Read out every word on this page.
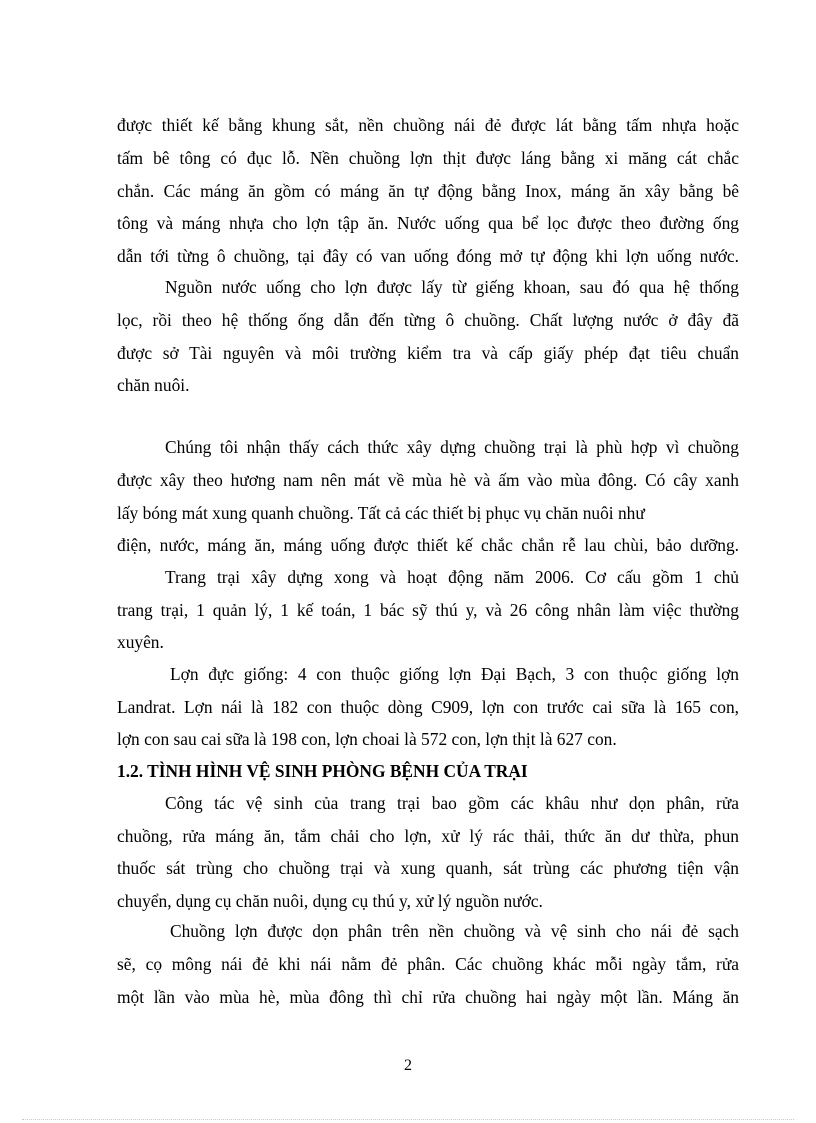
được thiết kế bằng khung sắt, nền chuồng nái đẻ được lát bằng tấm nhựa hoặc
tấm bê tông có đục lỗ. Nền chuồng lợn thịt được láng bằng xi măng cát chắc
chắn. Các máng ăn gồm có máng ăn tự động bằng Inox, máng ăn xây bằng bê
tông và máng nhựa cho lợn tập ăn. Nước uống qua bể lọc được theo đường ống
dẫn tới từng ô chuồng, tại đây có van uống đóng mở tự động khi lợn uống nước.
Nguồn nước uống cho lợn được lấy từ giếng khoan, sau đó qua hệ thống
lọc, rồi theo hệ thống ống dẫn đến từng ô chuồng. Chất lượng nước ở đây đã
được sở Tài nguyên và môi trường kiểm tra và cấp giấy phép đạt tiêu chuẩn
chăn nuôi.
Chúng tôi nhận thấy cách thức xây dựng chuồng trại là phù hợp vì chuồng
được xây theo hương nam nên mát về mùa hè và ấm vào mùa đông. Có cây xanh
lấy bóng mát xung quanh chuồng. Tất cả các thiết bị phục vụ chăn nuôi như
điện, nước, máng ăn, máng uống được thiết kế chắc chắn rễ lau chùi, bảo dưỡng.
Trang trại xây dựng xong và hoạt động năm 2006. Cơ cấu gồm 1 chủ
trang trại, 1 quản lý, 1 kế toán, 1 bác sỹ thú y, và 26 công nhân làm việc thường
xuyên.
Lợn đực giống: 4 con thuộc giống lợn Đại Bạch, 3 con thuộc giống lợn
Landrat. Lợn nái là 182 con thuộc dòng C909, lợn con trước cai sữa là 165 con,
lợn con sau cai sữa là 198 con, lợn choai là 572 con, lợn thịt là 627 con.
1.2. TÌNH HÌNH VỆ SINH PHÒNG BỆNH CỦA TRẠI
Công tác vệ sinh của trang trại bao gồm các khâu như dọn phân, rửa
chuồng, rửa máng ăn, tắm chải cho lợn, xử lý rác thải, thức ăn dư thừa, phun
thuốc sát trùng cho chuồng trại và xung quanh, sát trùng các phương tiện vận
chuyển, dụng cụ chăn nuôi, dụng cụ thú y, xử lý nguồn nước.
Chuồng lợn được dọn phân trên nền chuồng và vệ sinh cho nái đẻ sạch
sẽ, cọ mông nái đẻ khi nái nằm đẻ phân. Các chuồng khác mỗi ngày tắm, rửa
một lần vào mùa hè, mùa đông thì chỉ rửa chuồng hai ngày một lần. Máng ăn
2
